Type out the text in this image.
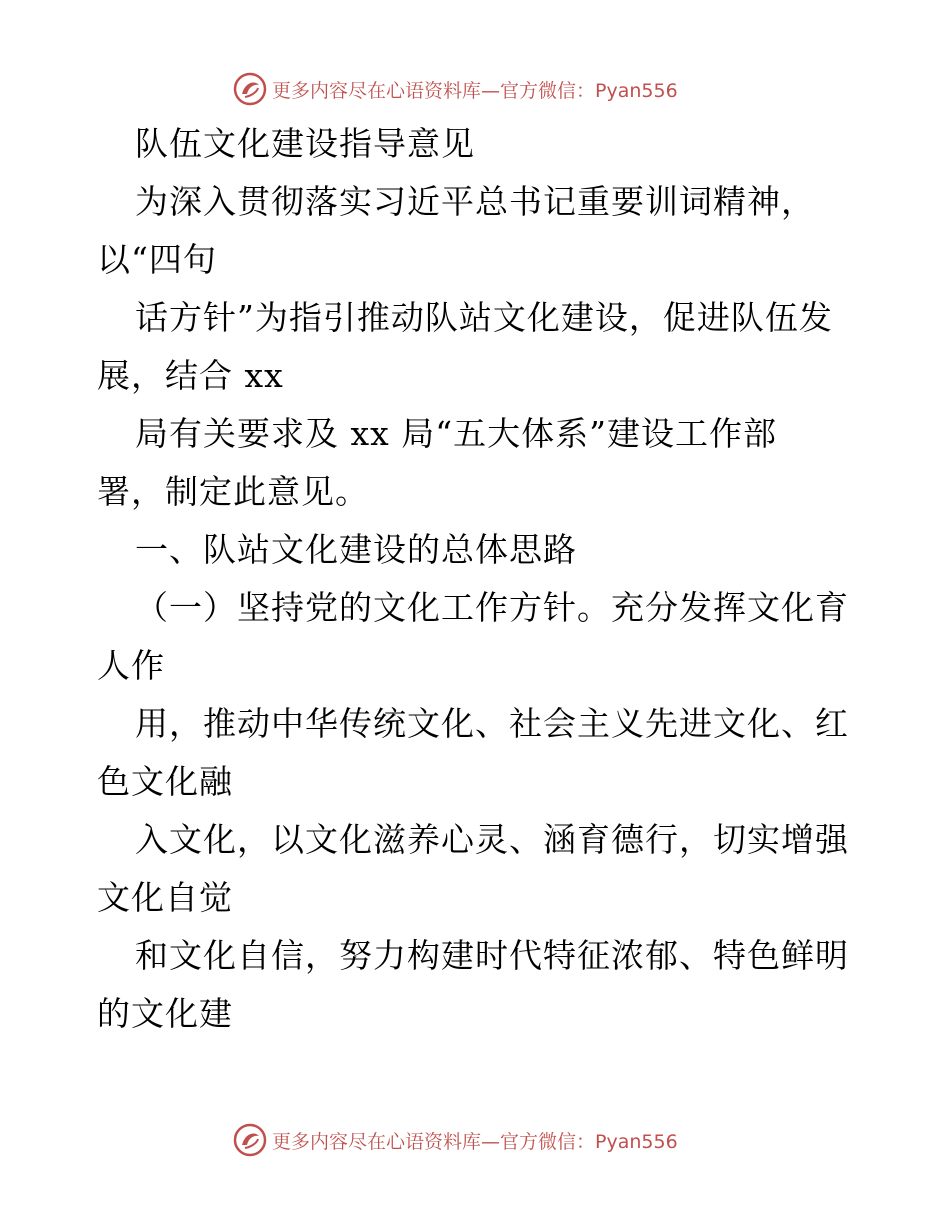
更多内容尽在心语资料库—官方微信：Pyan556
队伍文化建设指导意见
为深入贯彻落实习近平总书记重要训词精神，
以“四句
话方针”为指引推动队站文化建设，促进队伍发
展，结合 xx
局有关要求及 xx 局“五大体系”建设工作部
署，制定此意见。
一、队站文化建设的总体思路
（一）坚持党的文化工作方针。充分发挥文化育
人作
用，推动中华传统文化、社会主义先进文化、红
色文化融
入文化，以文化滋养心灵、涵育德行，切实增强
文化自觉
和文化自信，努力构建时代特征浓郁、特色鲜明
的文化建
更多内容尽在心语资料库—官方微信：Pyan556
